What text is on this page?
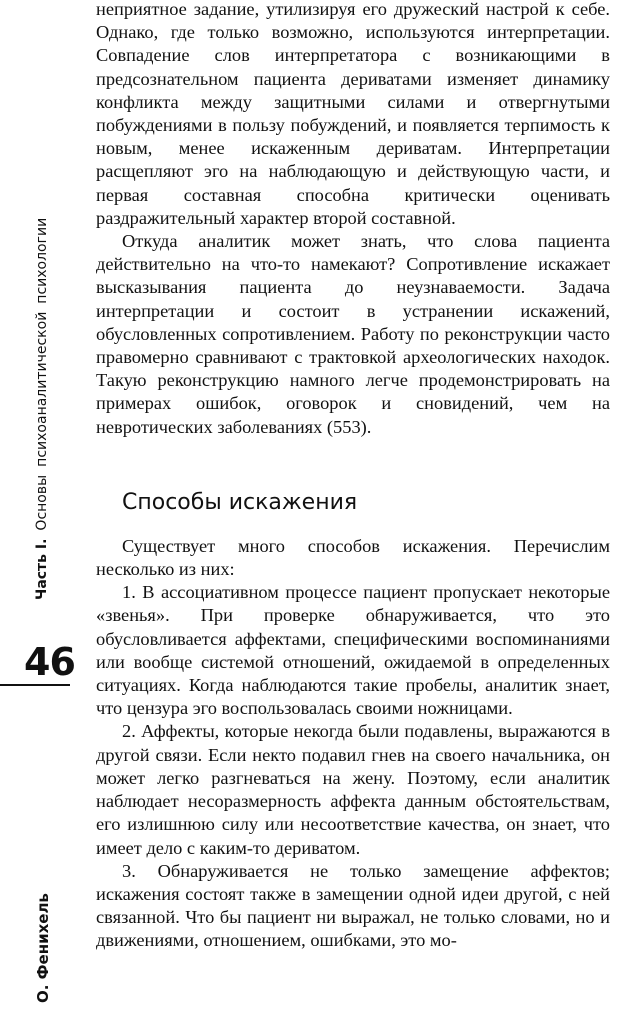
Часть I.Основыпсихоаналитическойпсихологии
46
О. Фенихель

неприятное задание, утилизируя его дружеский настрой к себе. Однако, где только возможно, используются интерпретации. Совпадение слов интерпретатора с возникающими в предсознательном пациента дериватами изменяет динамику конфликта между защитными силами и отвергнутыми побуждениями в пользу побуждений, и появляется терпимость к новым, менее искаженным дериватам. Интерпретации расщепляют эго на наблюдающую и действующую части, и первая составная способна критически оценивать раздражительный характер второй составной.

Откуда аналитик может знать, что слова пациента действительно на что-то намекают? Сопротивление искажает высказывания пациента до неузнаваемости. Задача интерпретации и состоит в устранении искажений, обусловленных сопротивлением. Работу по реконструкции часто правомерно сравнивают с трактовкой археологических находок. Такую реконструкцию намного легче продемонстрировать на примерах ошибок, оговорок и сновидений, чем на невротических заболеваниях (553).

Способы искажения

Существует много способов искажения. Перечислим несколько из них:

1. В ассоциативном процессе пациент пропускает некоторые «звенья». При проверке обнаруживается, что это обусловливается аффектами, специфическими воспоминаниями или вообще системой отношений, ожидаемой в определенных ситуациях. Когда наблюдаются такие пробелы, аналитик знает, что цензура эго воспользовалась своими ножницами.

2. Аффекты, которые некогда были подавлены, выражаются в другой связи. Если некто подавил гнев на своего начальника, он может легко разгневаться на жену. Поэтому, если аналитик наблюдает несоразмерность аффекта данным обстоятельствам, его излишнюю силу или несоответствие качества, он знает, что имеет дело с каким-то дериватом.

3. Обнаруживается не только замещение аффектов; искажения состоят также в замещении одной идеи другой, с ней связанной. Что бы пациент ни выражал, не только словами, но и движениями, отношением, ошибками, это мо-
